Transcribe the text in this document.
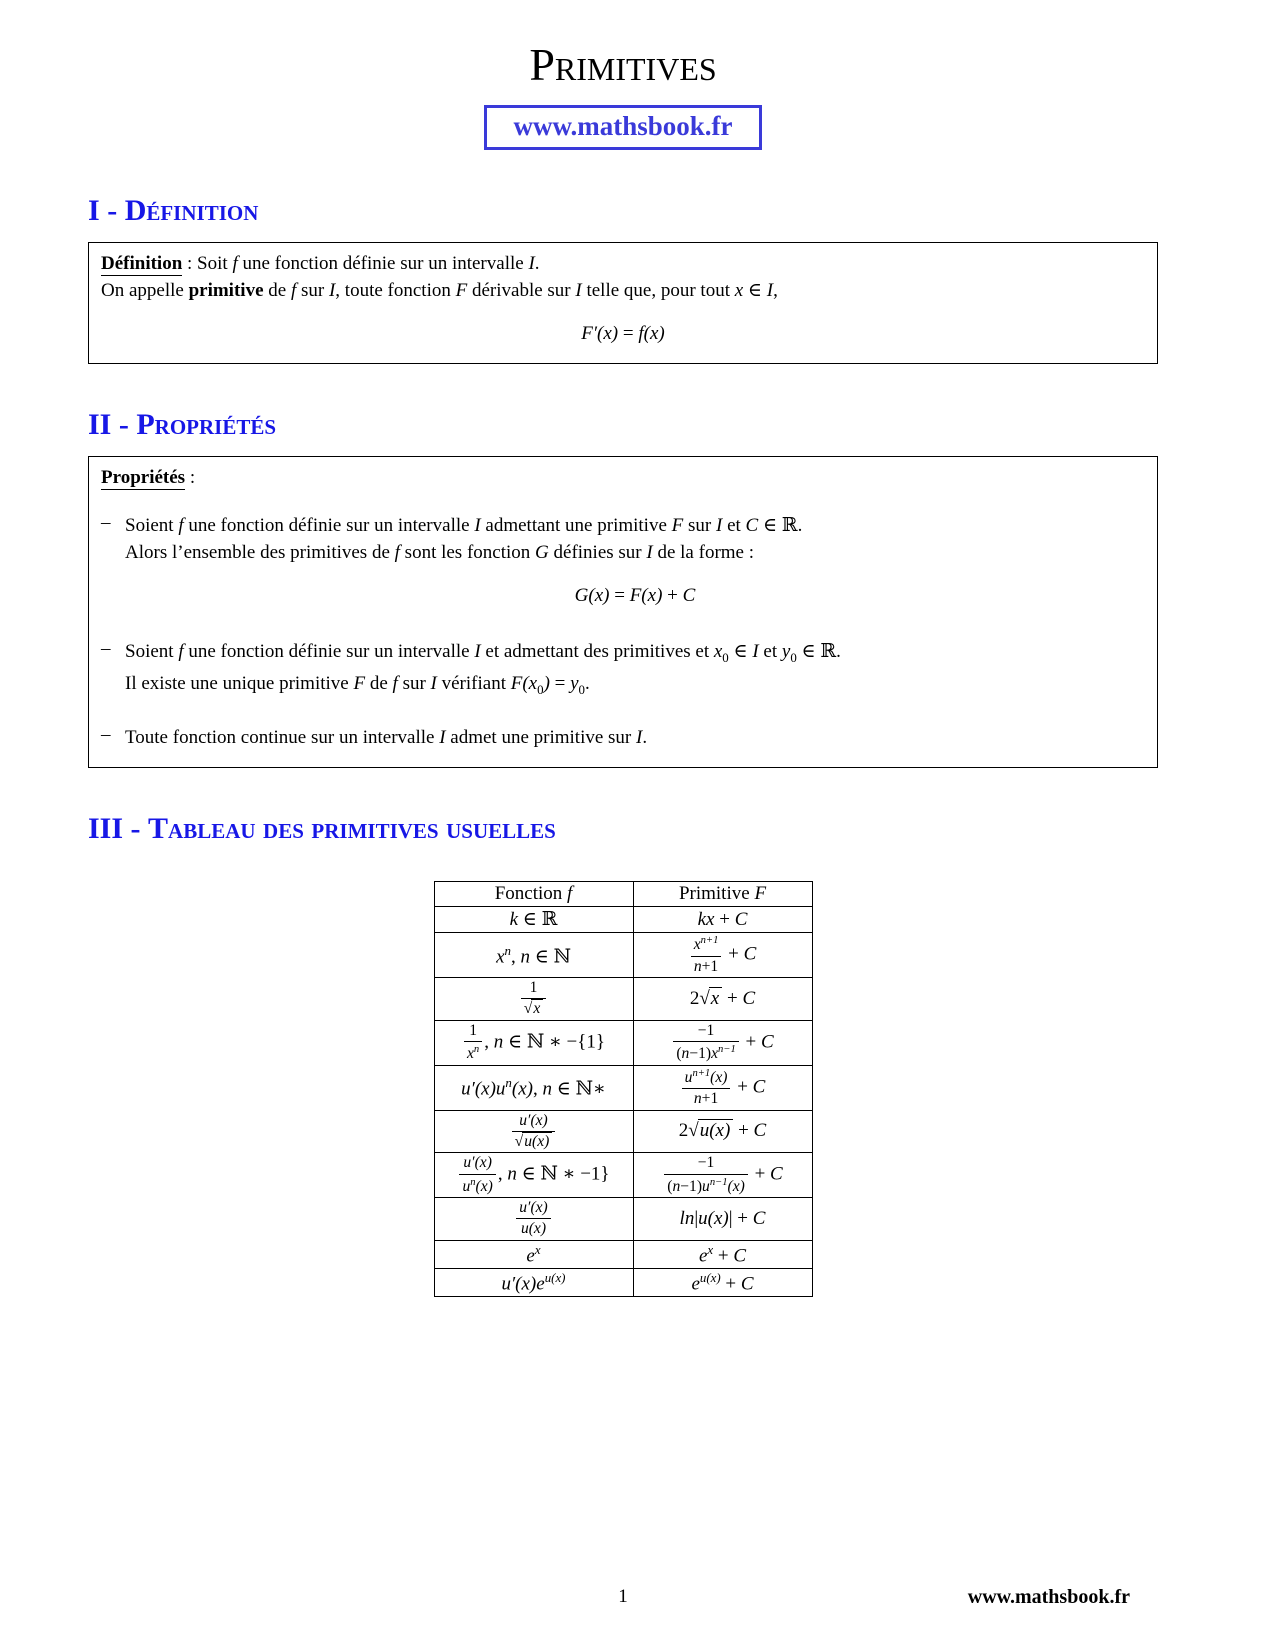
Primitives
www.mathsbook.fr
I - Définition

Définition : Soit f une fonction définie sur un intervalle I.

On appelle primitive de f sur I, toute fonction F dérivable sur I telle que, pour tout x ∈ I,

F′(x) = f(x)

II - Propriétés

Propriétés :

– Soient f une fonction définie sur un intervalle I admettant une primitive F sur I et C ∈ ℝ.

Alors l’ensemble des primitives de f sont les fonction G définies sur I de la forme :

G(x) = F(x) + C

– Soient f une fonction définie sur un intervalle I et admettant des primitives et $x_0$ ∈ I et $y_0$ ∈ ℝ.

Il existe une unique primitive F de f sur I vérifiant $F(x_0) = y_0$.

– Toute fonction continue sur un intervalle I admet une primitive sur I.

III - Tableau des primitives usuelles
Fonction f	Primitive F
k ∈ ℝ	kx + C
$x^n$, n ∈ ℕ	$\frac{x^{n+1}}{n+1} + C$

$\frac{1}{√x}$	2√x + C

$\frac{1}{x^n}$ , n ∈ ℕ ∗ −{1}	$\frac{-1}{(n-1)x^{n-1}} + C$
$u'(x)u^n(x)$, n ∈ ℕ∗	$\frac{u^{n+1}(x)}{n+1} + C$

$\frac{u'(x)}{√u(x)}$	2√u(x) + C

$\frac{u'(x)}{u^n(x)}$ , n ∈ ℕ ∗ −1}	$\frac{-1}{(n-1)u^{n-1}(x)} + C$

$\frac{u'(x)}{u(x)}$	ln|u(x)| + C
$e^x$	$e^x + C$
$u'(x)e^{u(x)}$	$e^{u(x)} + C$
1	www.mathsbook.fr
